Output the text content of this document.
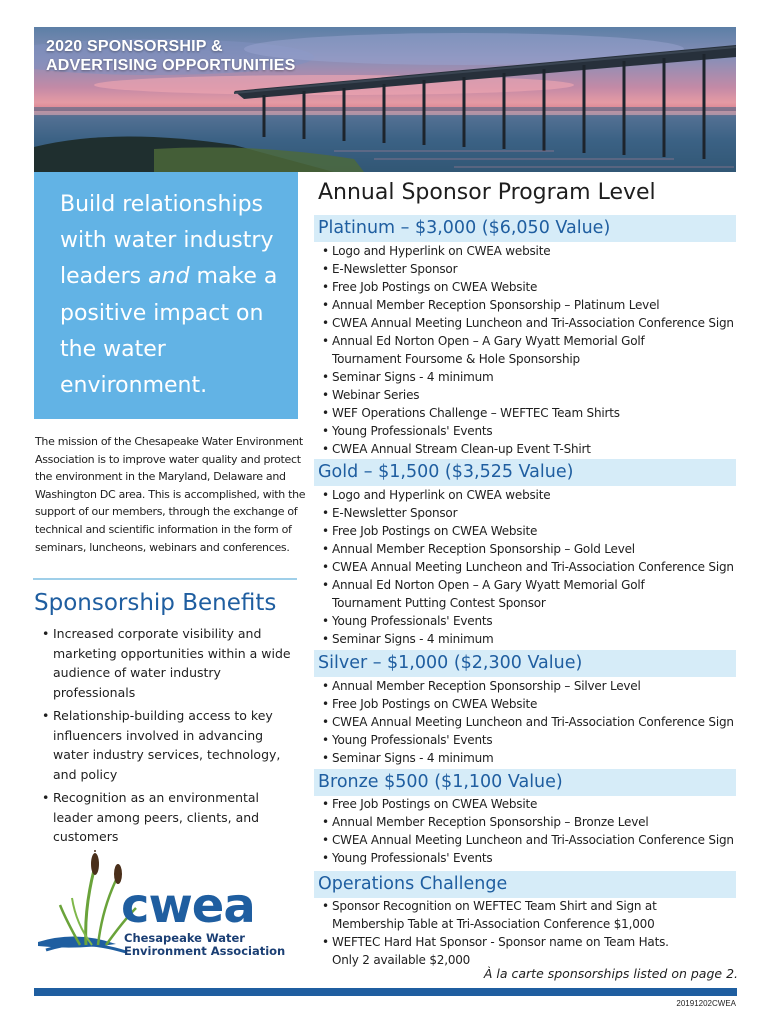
2020 SPONSORSHIP &
ADVERTISING OPPORTUNITIES
Build relationships with water industry leaders and make a positive impact on the water environment.

The mission of the Chesapeake Water Environment Association is to improve water quality and protect the environment in the Maryland, Delaware and Washington DC area. This is accomplished, with the support of our members, through the exchange of technical and scientific information in the form of seminars, luncheons, webinars and conferences.

Sponsorship Benefits
• Increased corporate visibility and marketing opportunities within a wide audience of water industry professionals
• Relationship-building access to key influencers involved in advancing water industry services, technology, and policy
• Recognition as an environmental leader among peers, clients, and customers
cwea
Chesapeake Water
Environment Association
Annual Sponsor Program Level
Platinum – $3,000 ($6,050 Value)
• Logo and Hyperlink on CWEA website
• E-Newsletter Sponsor
• Free Job Postings on CWEA Website
• Annual Member Reception Sponsorship – Platinum Level
• CWEA Annual Meeting Luncheon and Tri-Association Conference Sign
• Annual Ed Norton Open – A Gary Wyatt Memorial Golf
Tournament Foursome & Hole Sponsorship
• Seminar Signs - 4 minimum
• Webinar Series
• WEF Operations Challenge – WEFTEC Team Shirts
• Young Professionals' Events
• CWEA Annual Stream Clean-up Event T-Shirt
Gold – $1,500 ($3,525 Value)
• Logo and Hyperlink on CWEA website
• E-Newsletter Sponsor
• Free Job Postings on CWEA Website
• Annual Member Reception Sponsorship – Gold Level
• CWEA Annual Meeting Luncheon and Tri-Association Conference Sign
• Annual Ed Norton Open – A Gary Wyatt Memorial Golf
Tournament Putting Contest Sponsor
• Young Professionals' Events
• Seminar Signs - 4 minimum
Silver – $1,000 ($2,300 Value)
• Annual Member Reception Sponsorship – Silver Level
• Free Job Postings on CWEA Website
• CWEA Annual Meeting Luncheon and Tri-Association Conference Sign
• Young Professionals' Events
• Seminar Signs - 4 minimum
Bronze $500 ($1,100 Value)
• Free Job Postings on CWEA Website
• Annual Member Reception Sponsorship – Bronze Level
• CWEA Annual Meeting Luncheon and Tri-Association Conference Sign
• Young Professionals' Events
Operations Challenge
• Sponsor Recognition on WEFTEC Team Shirt and Sign at
Membership Table at Tri-Association Conference $1,000
• WEFTEC Hard Hat Sponsor - Sponsor name on Team Hats.
Only 2 available $2,000
À la carte sponsorships listed on page 2.
20191202CWEA
